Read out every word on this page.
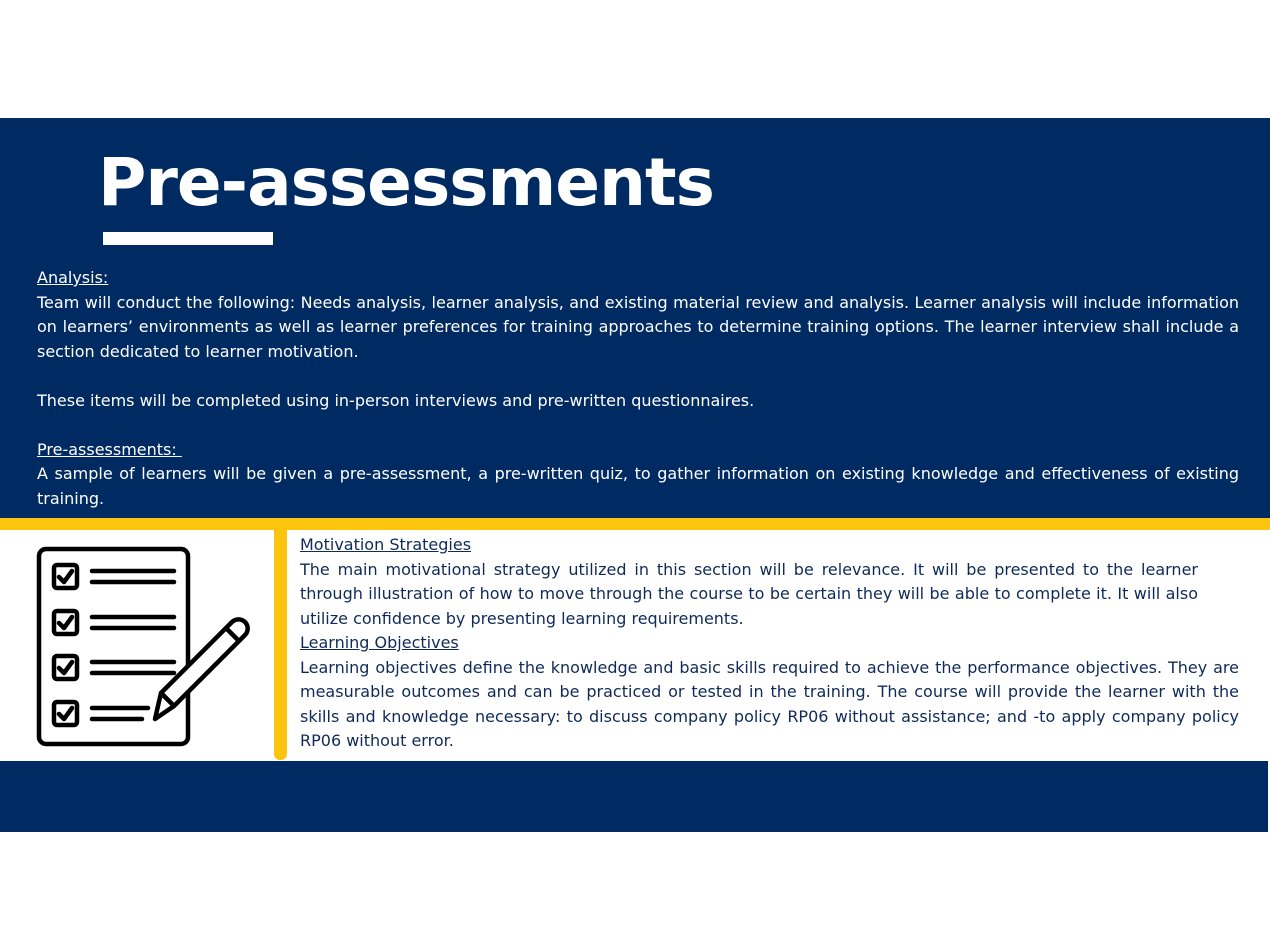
Pre-assessments

Analysis:

Team will conduct the following: Needs analysis, learner analysis, and existing material review and analysis. Learner analysis will include information on learners’ environments as well as learner preferences for training approaches to determine training options. The learner interview shall include a section dedicated to learner motivation.

These items will be completed using in-person interviews and pre-written questionnaires.

Pre-assessments:

A sample of learners will be given a pre-assessment, a pre-written quiz, to gather information on existing knowledge and effectiveness of existing training.

Motivation Strategies

The main motivational strategy utilized in this section will be relevance. It will be presented to the learner through illustration of how to move through the course to be certain they will be able to complete it. It will also utilize confidence by presenting learning requirements.

Learning Objectives

Learning objectives define the knowledge and basic skills required to achieve the performance objectives. They are measurable outcomes and can be practiced or tested in the training. The course will provide the learner with the skills and knowledge necessary: to discuss company policy RP06 without assistance; and -to apply company policy RP06 without error.
